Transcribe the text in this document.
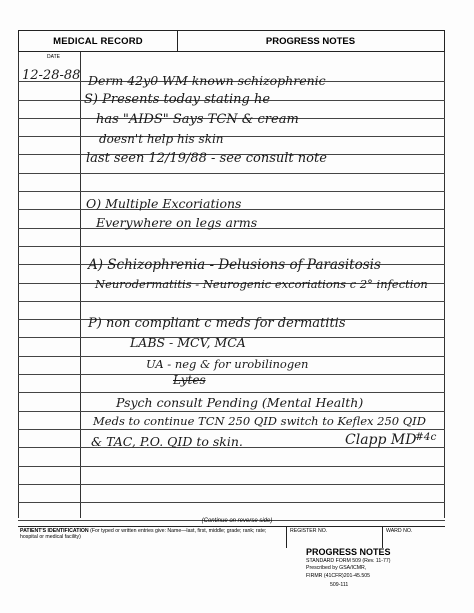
MEDICAL RECORD	PROGRESS NOTES
DATE
12-28-88 Derm 42y0 WM known schizophrenic
S) Presents today stating he
has "AIDS" Says TCN & cream
doesn't help his skin
last seen 12/19/88 - see consult note
O) Multiple Excoriations
Everywhere on legs arms
A) Schizophrenia - Delusions of Parasitosis
Neurodermatitis - Neurogenic excoriations c 2° infection
P) non compliant c meds for dermatitis
LABS - MCV, MCA
UA - neg & for urobilinogen
Lytes
Psych consult Pending (Mental Health)
Meds to continue TCN 250 QID switch to Keflex 250 QID
#4c
& TAC, P.O. QID to skin.	Clapp MD
(Continue on reverse side)
PATIENT'S IDENTIFICATION (For typed or written entries give: Name—last, first, middle; grade; rank; rate; hospital or medical facility)
REGISTER NO.	WARD NO.
PROGRESS NOTES
STANDARD FORM 509 (Rev. 11-77)
Prescribed by GSA/ICMR,
FIRMR (41CFR)201-45.505
509-111
